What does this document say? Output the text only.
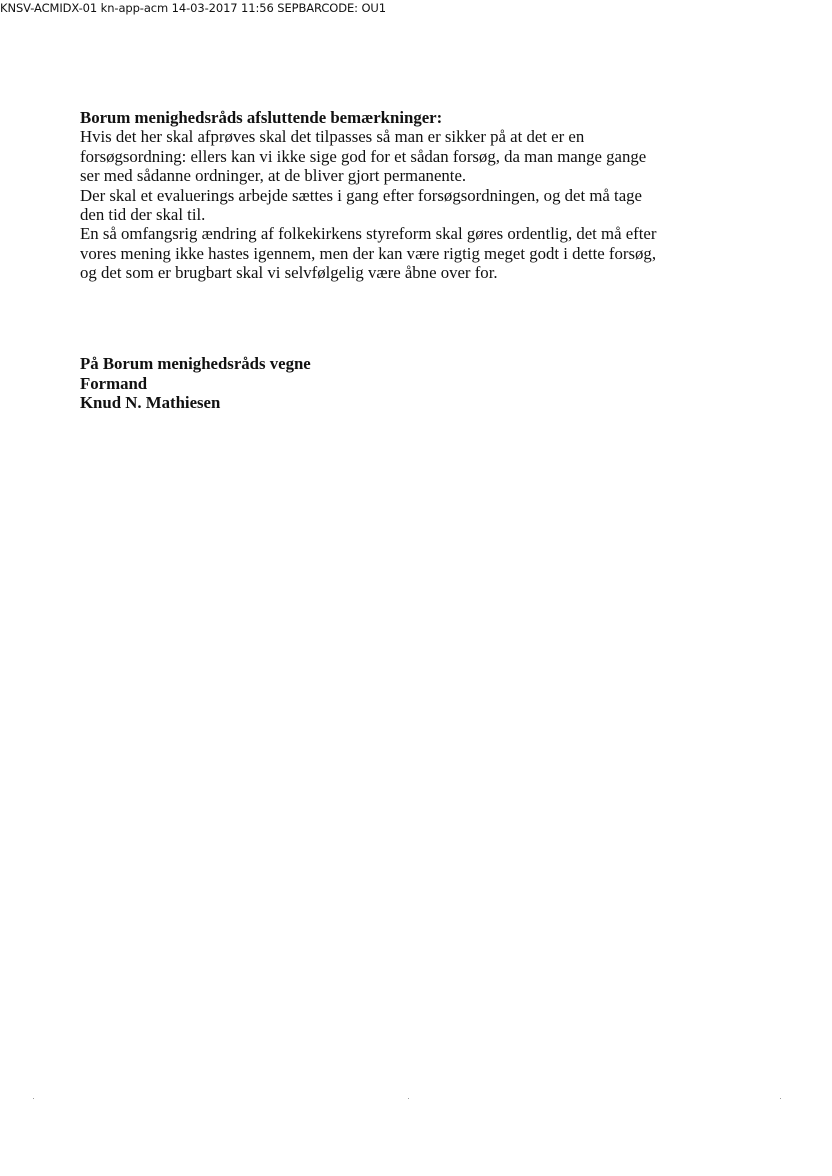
KNSV-ACMIDX-01 kn-app-acm 14-03-2017 11:56 SEPBARCODE: OU1
Borum menighedsråds afsluttende bemærkninger:
Hvis det her skal afprøves skal det tilpasses så man er sikker på at det er en
forsøgsordning: ellers kan vi ikke sige god for et sådan forsøg, da man mange gange
ser med sådanne ordninger, at de bliver gjort permanente.
Der skal et evaluerings arbejde sættes i gang efter forsøgsordningen, og det må tage
den tid der skal til.
En så omfangsrig ændring af folkekirkens styreform skal gøres ordentlig, det må efter
vores mening ikke hastes igennem, men der kan være rigtig meget godt i dette forsøg,
og det som er brugbart skal vi selvfølgelig være åbne over for.
På Borum menighedsråds vegne
Formand
Knud N. Mathiesen
